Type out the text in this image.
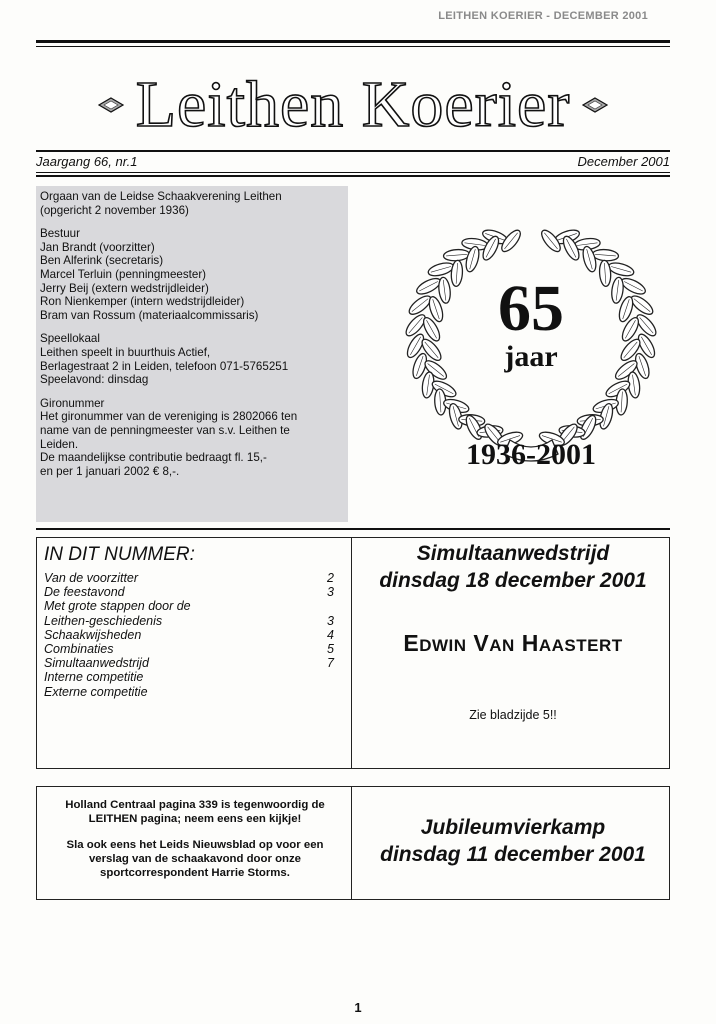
LEITHEN KOERIER - DECEMBER 2001
Leithen Koerier
Jaargang 66, nr.1	December 2001

Orgaan van de Leidse Schaakverening Leithen
(opgericht 2 november 1936)

Bestuur
Jan Brandt (voorzitter)
Ben Alferink (secretaris)
Marcel Terluin (penningmeester)
Jerry Beij (extern wedstrijdleider)
Ron Nienkemper (intern wedstrijdleider)
Bram van Rossum (materiaalcommissaris)

Speellokaal
Leithen speelt in buurthuis Actief,
Berlagestraat 2 in Leiden, telefoon 071-5765251
Speelavond: dinsdag

Gironummer
Het gironummer van de vereniging is 2802066 ten
name van de penningmeester van s.v. Leithen te
Leiden.
De maandelijkse contributie bedraagt fl. 15,-
en per 1 januari 2002 € 8,-.

65
jaar
1936-2001
IN DIT NUMMER:
Van de voorzitter	2
De feestavond	3
Met grote stappen door de
Leithen-geschiedenis	3
Schaakwijsheden	4
Combinaties	5
Simultaanwedstrijd	7
Interne competitie
Externe competitie
Simultaanwedstrijd
dinsdag 18 december 2001
EDWIN VAN HAASTERT
Zie bladzijde 5!!

Holland Centraal pagina 339 is tegenwoordig de
LEITHEN pagina; neem eens een kijkje!

Sla ook eens het Leids Nieuwsblad op voor een
verslag van de schaakavond door onze
sportcorrespondent Harrie Storms.

Jubileumvierkamp
dinsdag 11 december 2001
1
